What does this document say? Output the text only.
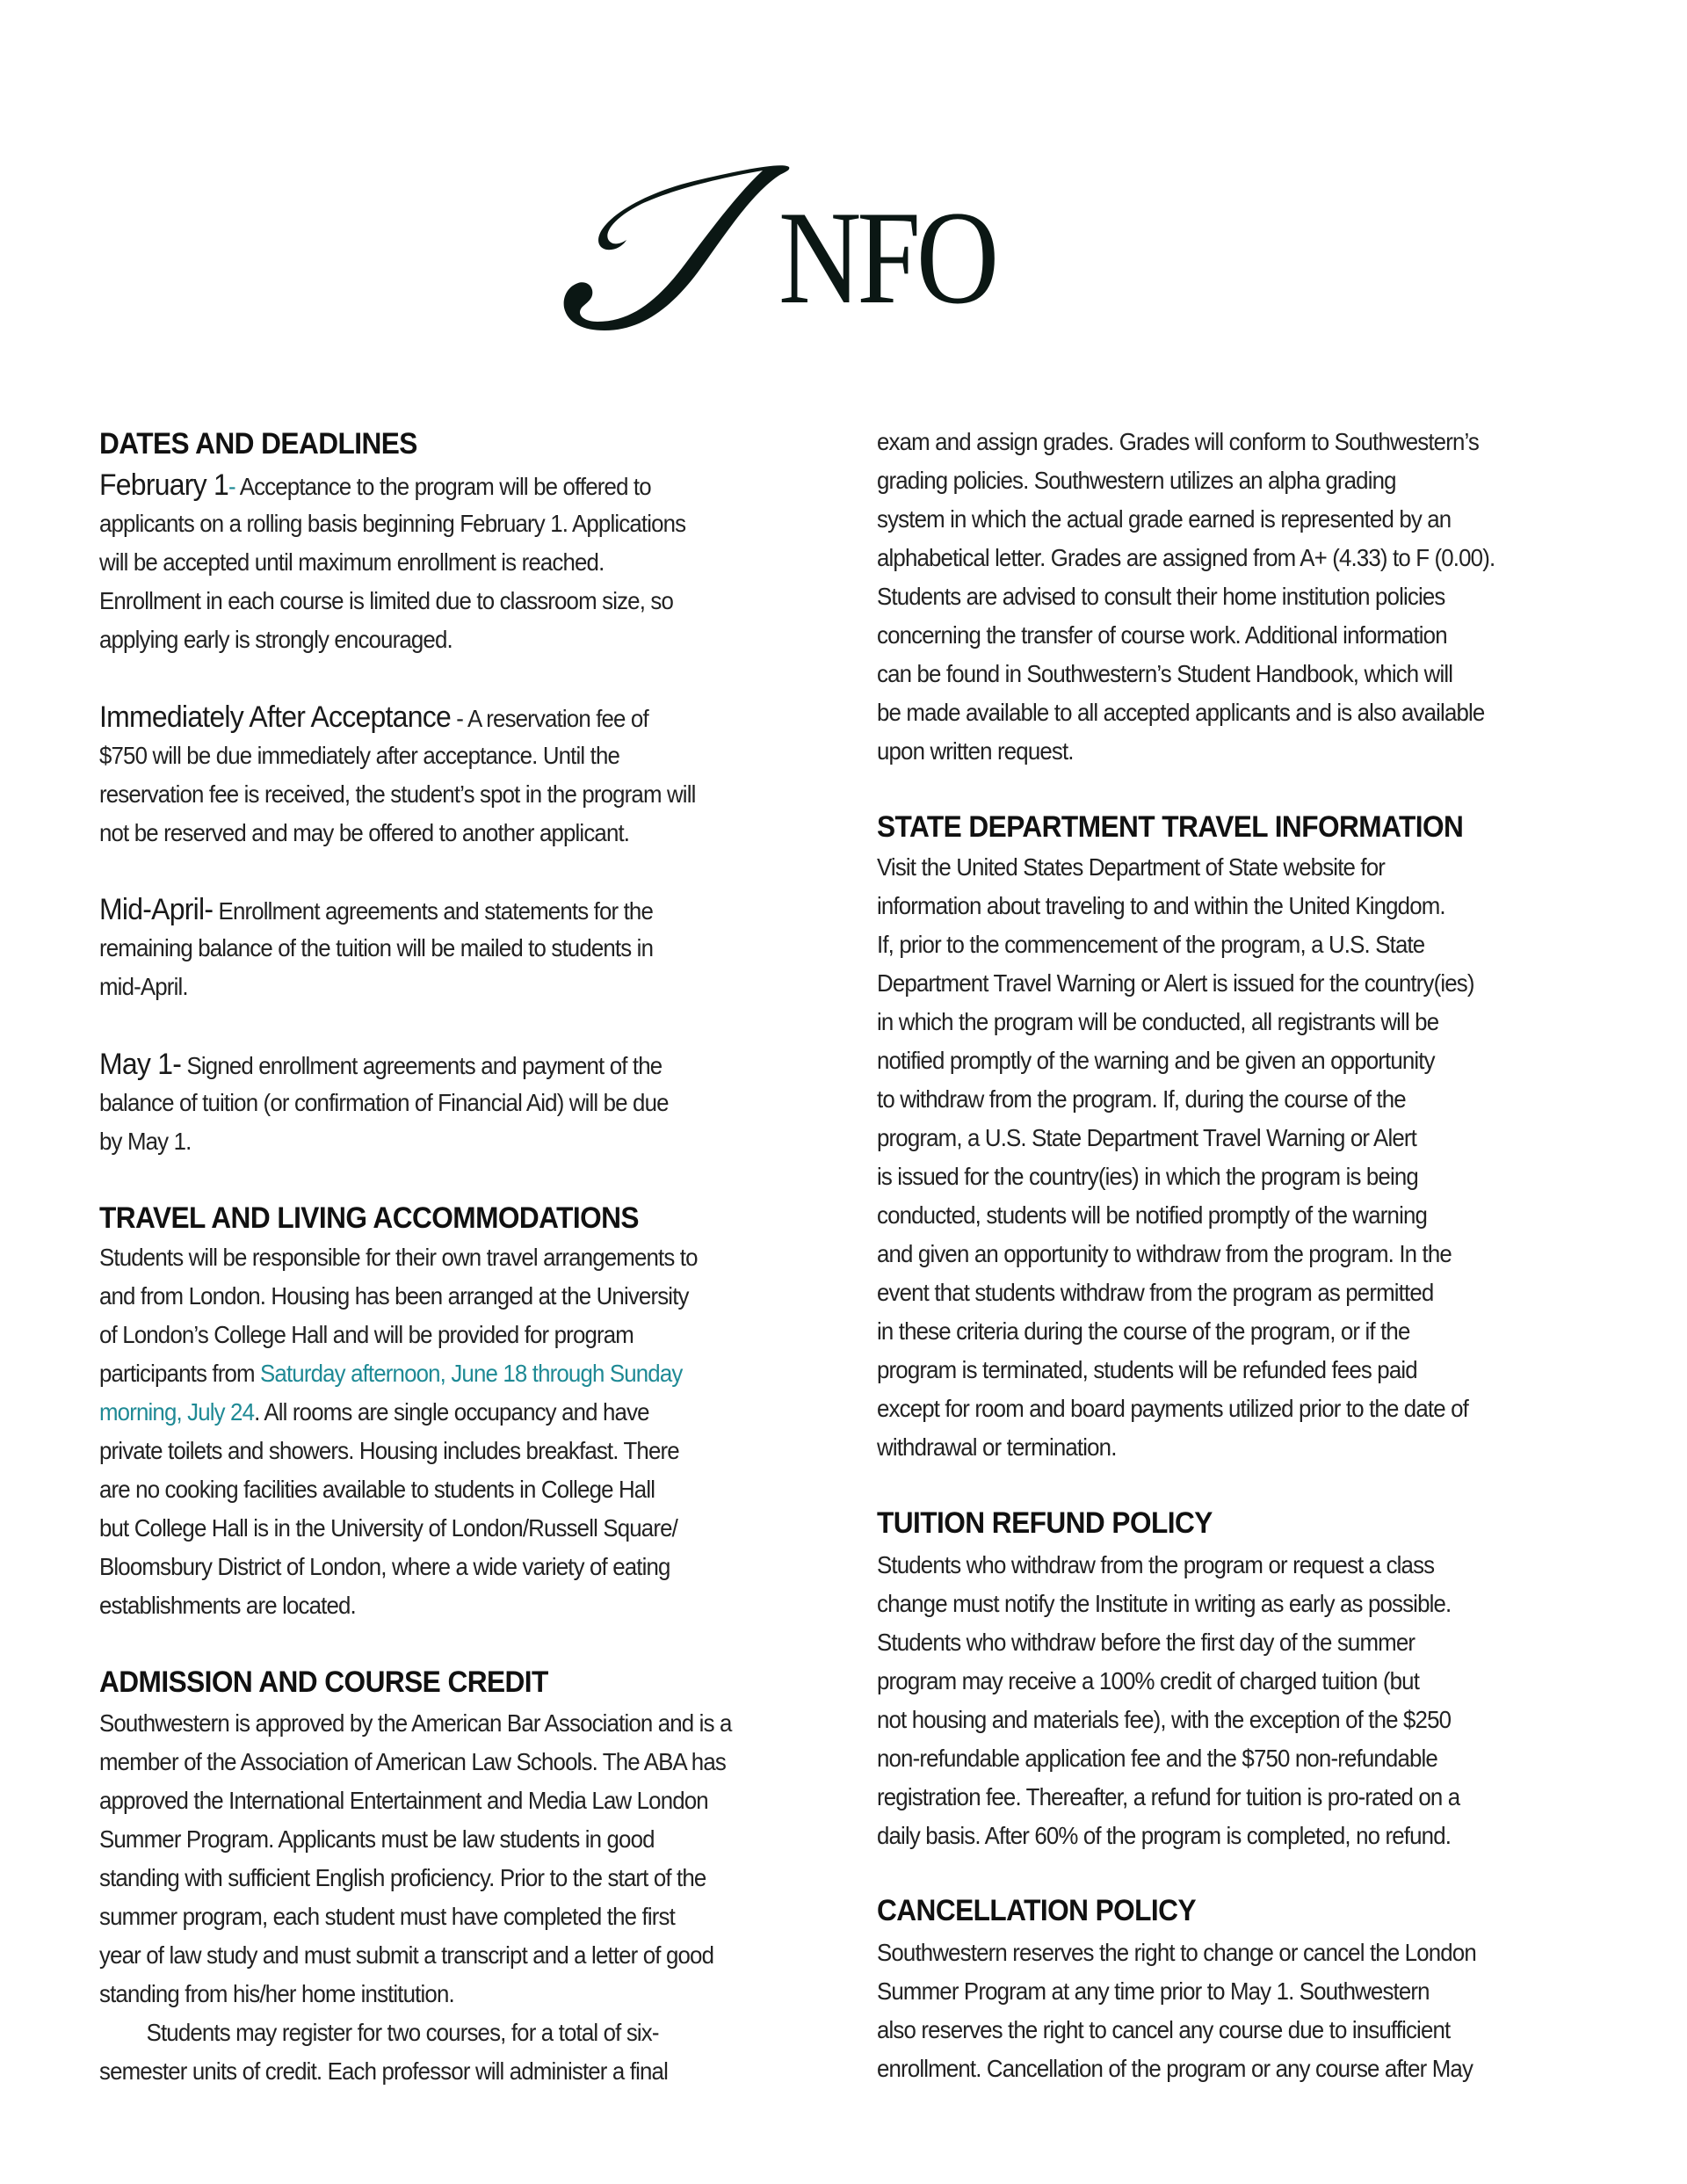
NFO
DATES AND DEADLINES
February 1- Acceptance to the program will be offered to
applicants on a rolling basis beginning February 1. Applications
will be accepted until maximum enrollment is reached.
Enrollment in each course is limited due to classroom size, so
applying early is strongly encouraged.
Immediately After Acceptance - A reservation fee of
$750 will be due immediately after acceptance. Until the
reservation fee is received, the student’s spot in the program will
not be reserved and may be offered to another applicant.
Mid-April- Enrollment agreements and statements for the
remaining balance of the tuition will be mailed to students in
mid-April.
May 1- Signed enrollment agreements and payment of the
balance of tuition (or confirmation of Financial Aid) will be due
by May 1.
TRAVEL AND LIVING ACCOMMODATIONS
Students will be responsible for their own travel arrangements to
and from London. Housing has been arranged at the University
of London’s College Hall and will be provided for program
participants from Saturday afternoon, June 18 through Sunday
morning, July 24. All rooms are single occupancy and have
private toilets and showers. Housing includes breakfast. There
are no cooking facilities available to students in College Hall
but College Hall is in the University of London/Russell Square/
Bloomsbury District of London, where a wide variety of eating
establishments are located.
ADMISSION AND COURSE CREDIT
Southwestern is approved by the American Bar Association and is a
member of the Association of American Law Schools. The ABA has
approved the International Entertainment and Media Law London
Summer Program. Applicants must be law students in good
standing with sufficient English proficiency. Prior to the start of the
summer program, each student must have completed the first
year of law study and must submit a transcript and a letter of good
standing from his/her home institution.
Students may register for two courses, for a total of six-
semester units of credit. Each professor will administer a final
exam and assign grades. Grades will conform to Southwestern’s
grading policies. Southwestern utilizes an alpha grading
system in which the actual grade earned is represented by an
alphabetical letter. Grades are assigned from A+ (4.33) to F (0.00).
Students are advised to consult their home institution policies
concerning the transfer of course work. Additional information
can be found in Southwestern’s Student Handbook, which will
be made available to all accepted applicants and is also available
upon written request.
STATE DEPARTMENT TRAVEL INFORMATION
Visit the United States Department of State website for
information about traveling to and within the United Kingdom.
If, prior to the commencement of the program, a U.S. State
Department Travel Warning or Alert is issued for the country(ies)
in which the program will be conducted, all registrants will be
notified promptly of the warning and be given an opportunity
to withdraw from the program. If, during the course of the
program, a U.S. State Department Travel Warning or Alert
is issued for the country(ies) in which the program is being
conducted, students will be notified promptly of the warning
and given an opportunity to withdraw from the program. In the
event that students withdraw from the program as permitted
in these criteria during the course of the program, or if the
program is terminated, students will be refunded fees paid
except for room and board payments utilized prior to the date of
withdrawal or termination.
TUITION REFUND POLICY
Students who withdraw from the program or request a class
change must notify the Institute in writing as early as possible.
Students who withdraw before the first day of the summer
program may receive a 100% credit of charged tuition (but
not housing and materials fee), with the exception of the $250
non-refundable application fee and the $750 non-refundable
registration fee. Thereafter, a refund for tuition is pro-rated on a
daily basis. After 60% of the program is completed, no refund.
CANCELLATION POLICY
Southwestern reserves the right to change or cancel the London
Summer Program at any time prior to May 1. Southwestern
also reserves the right to cancel any course due to insufficient
enrollment. Cancellation of the program or any course after May
